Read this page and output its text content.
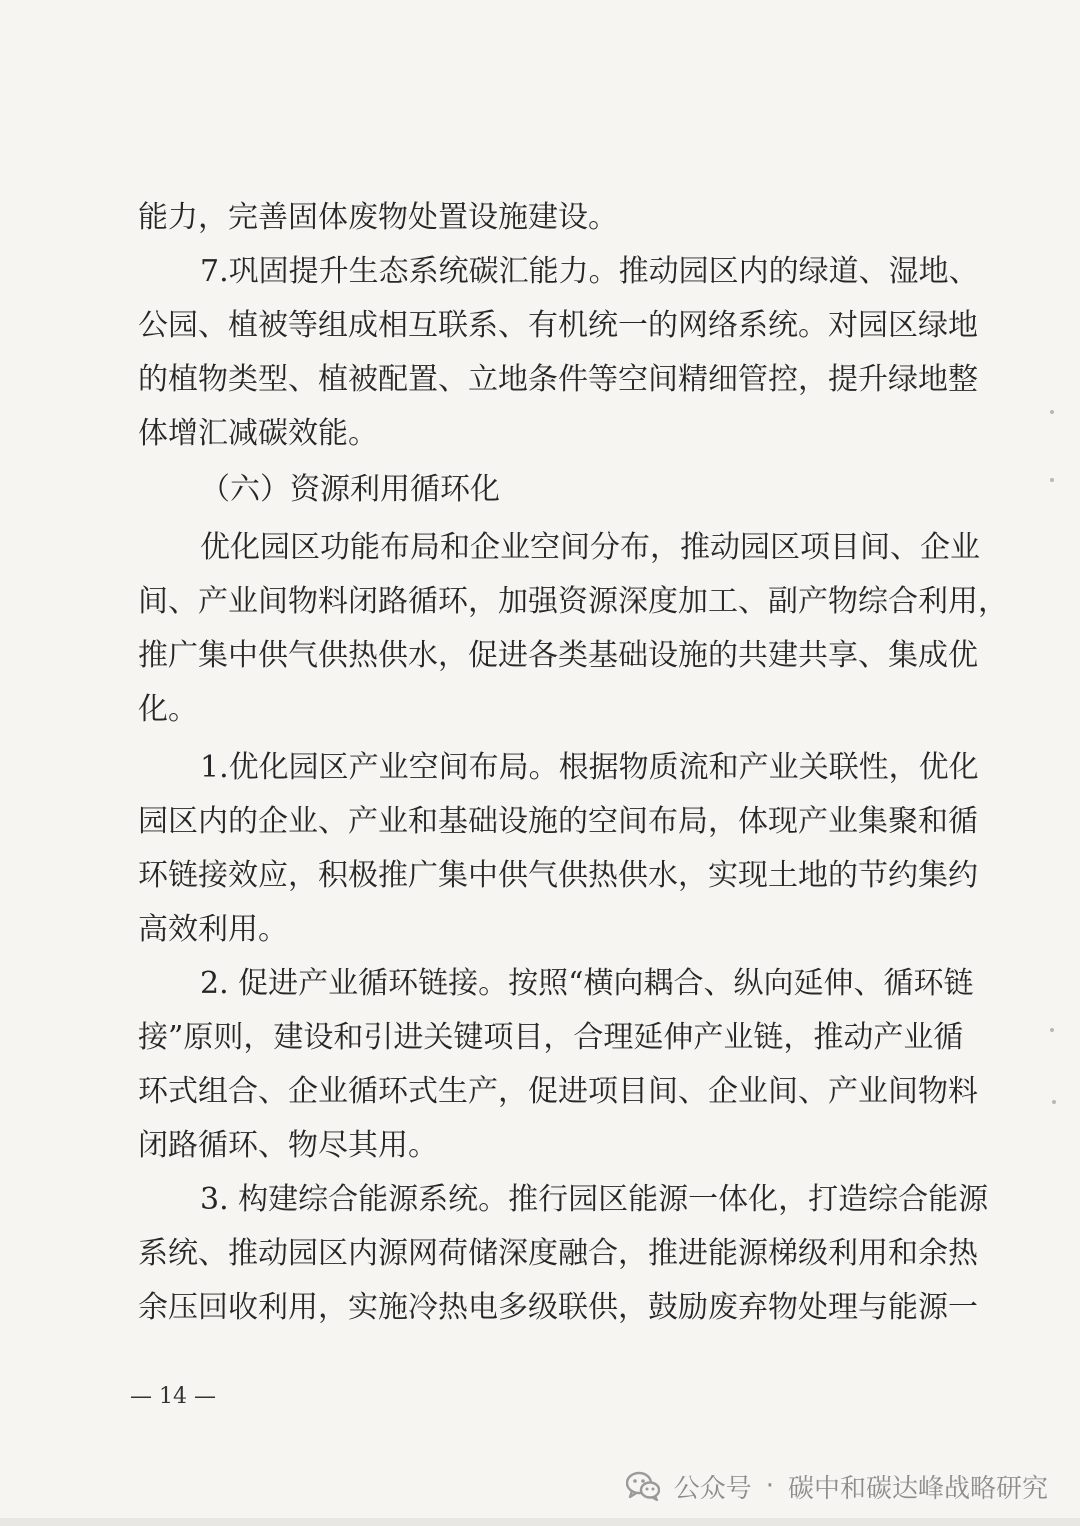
能力，完善固体废物处置设施建设。
7.巩固提升生态系统碳汇能力。推动园区内的绿道、湿地、
公园、植被等组成相互联系、有机统一的网络系统。对园区绿地
的植物类型、植被配置、立地条件等空间精细管控，提升绿地整
体增汇减碳效能。
（六）资源利用循环化
优化园区功能布局和企业空间分布，推动园区项目间、企业
间、产业间物料闭路循环，加强资源深度加工、副产物综合利用，
推广集中供气供热供水，促进各类基础设施的共建共享、集成优
化。
1.优化园区产业空间布局。根据物质流和产业关联性，优化
园区内的企业、产业和基础设施的空间布局，体现产业集聚和循
环链接效应，积极推广集中供气供热供水，实现土地的节约集约
高效利用。
2. 促进产业循环链接。按照“横向耦合、纵向延伸、循环链
接”原则，建设和引进关键项目，合理延伸产业链，推动产业循
环式组合、企业循环式生产，促进项目间、企业间、产业间物料
闭路循环、物尽其用。
3. 构建综合能源系统。推行园区能源一体化，打造综合能源
系统、推动园区内源网荷储深度融合，推进能源梯级利用和余热
余压回收利用，实施冷热电多级联供，鼓励废弃物处理与能源一
— 14 —
公众号 · 碳中和碳达峰战略研究
